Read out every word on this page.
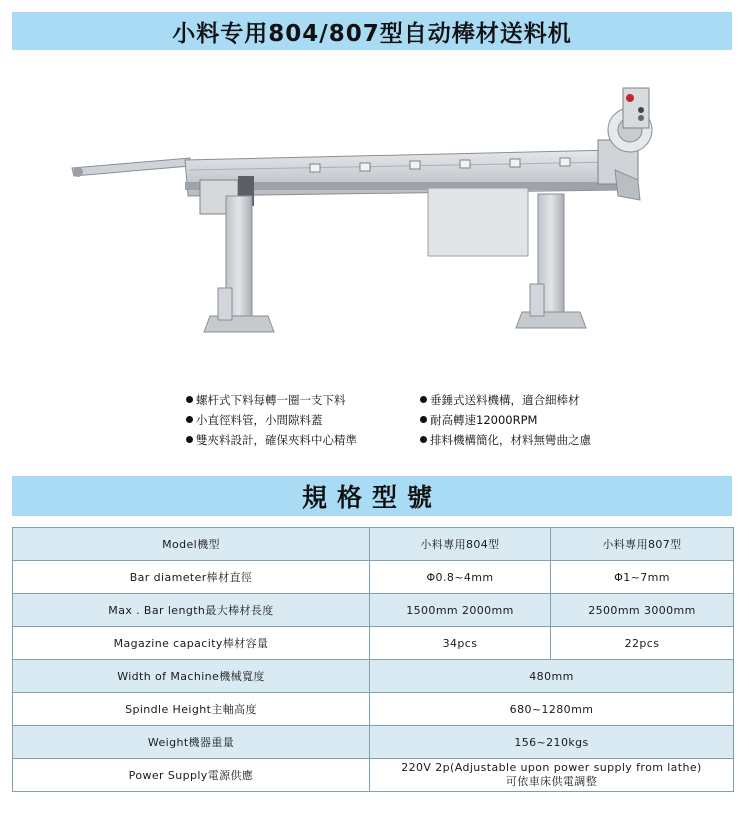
小料专用804/807型自动棒材送料机
螺杆式下料每轉一圈一支下料	垂錘式送料機構，適合細棒材
小直徑料管，小間隙料蓋	耐高轉速12000RPM
雙夾料設計，確保夾料中心精準	排料機構簡化，材料無彎曲之慮
規格型號
Model機型	小料專用804型	小料專用807型
Bar diameter棒材直徑	Φ0.8~4mm	Φ1~7mm
Max . Bar length最大棒材長度	1500mm 2000mm	2500mm 3000mm
Magazine capacity棒材容量	34pcs	22pcs
Width of Machine機械寬度	480mm	
Spindle Height主軸高度	680~1280mm	
Weight機器重量	156~210kgs	
Power Supply電源供應	220V 2p(Adjustable upon power supply from lathe)
可依車床供電調整	
